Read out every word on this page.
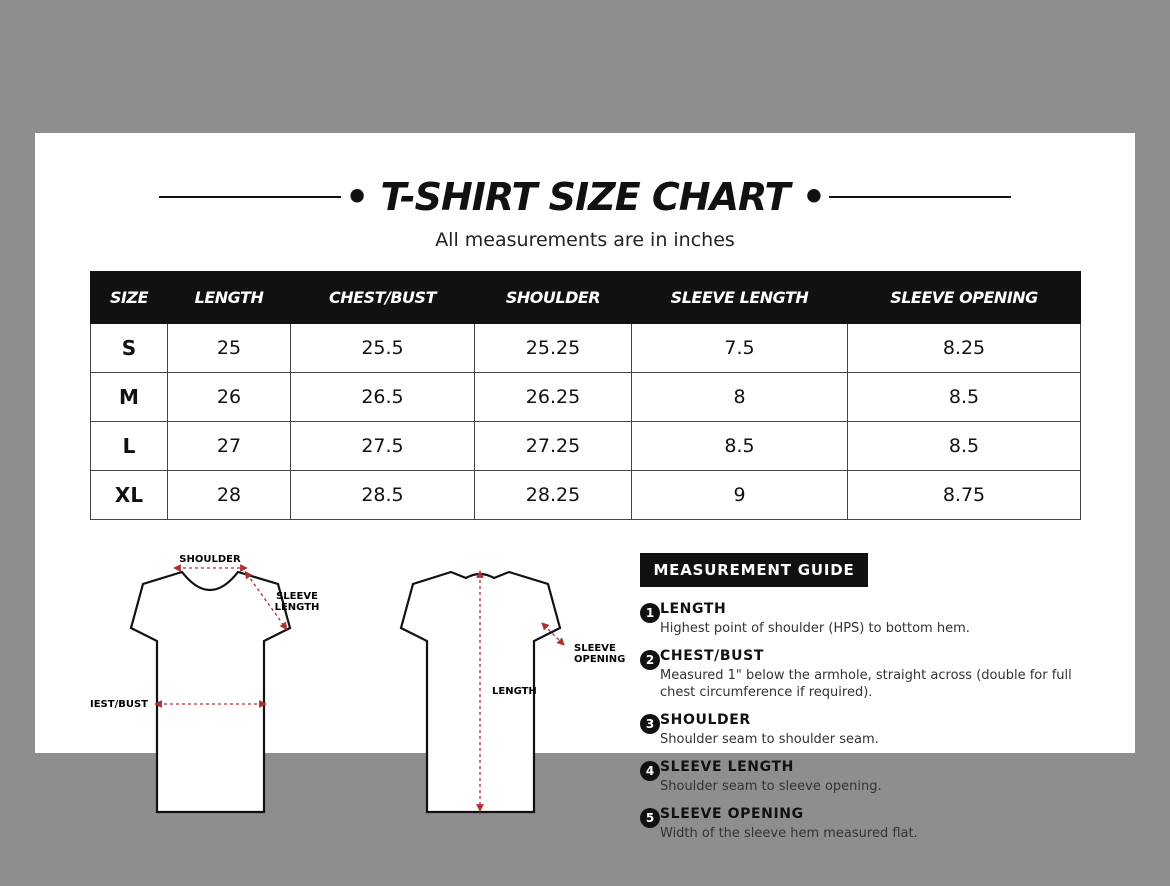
• T-SHIRT SIZE CHART •
All measurements are in inches
SIZE	LENGTH	CHEST/BUST	SHOULDER	SLEEVE LENGTH	SLEEVE OPENING
S	25	25.5	25.25	7.5	8.25
M	26	26.5	26.25	8	8.5
L	27	27.5	27.25	8.5	8.5
XL	28	28.5	28.25	9	8.75
SHOULDER
SLEEVE
LENGTH
IEST/BUST
LENGTH
SLEEVE
OPENING
MEASUREMENT GUIDE
1 LENGTH
Highest point of shoulder (HPS) to bottom hem.
2 CHEST/BUST
Measured 1" below the armhole, straight across (double for full chest circumference if required).
3 SHOULDER
Shoulder seam to shoulder seam.
4 SLEEVE LENGTH
Shoulder seam to sleeve opening.
5 SLEEVE OPENING
Width of the sleeve hem measured flat.
